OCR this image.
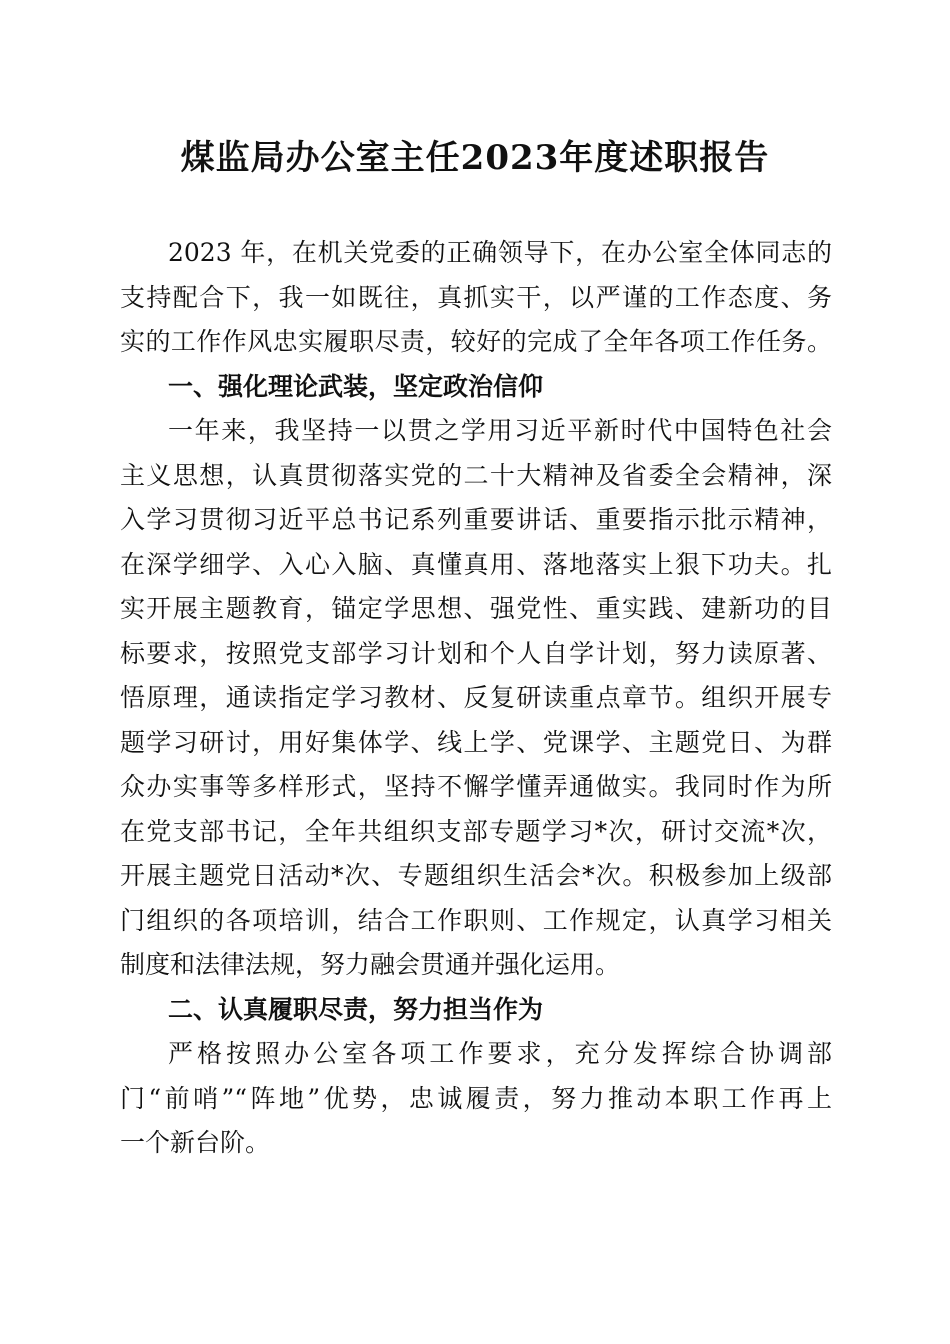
煤监局办公室主任2023年度述职报告
2023 年，在机关党委的正确领导下，在办公室全体同志的
支持配合下，我一如既往，真抓实干，以严谨的工作态度、务
实的工作作风忠实履职尽责，较好的完成了全年各项工作任务。
一、强化理论武装，坚定政治信仰
一年来，我坚持一以贯之学用习近平新时代中国特色社会
主义思想，认真贯彻落实党的二十大精神及省委全会精神，深
入学习贯彻习近平总书记系列重要讲话、重要指示批示精神，
在深学细学、入心入脑、真懂真用、落地落实上狠下功夫。扎
实开展主题教育，锚定学思想、强党性、重实践、建新功的目
标要求，按照党支部学习计划和个人自学计划，努力读原著、
悟原理，通读指定学习教材、反复研读重点章节。组织开展专
题学习研讨，用好集体学、线上学、党课学、主题党日、为群
众办实事等多样形式，坚持不懈学懂弄通做实。我同时作为所
在党支部书记，全年共组织支部专题学习*次，研讨交流*次，
开展主题党日活动*次、专题组织生活会*次。积极参加上级部
门组织的各项培训，结合工作职则、工作规定，认真学习相关
制度和法律法规，努力融会贯通并强化运用。
二、认真履职尽责，努力担当作为
严格按照办公室各项工作要求，充分发挥综合协调部
门“前哨”“阵地”优势，忠诚履责，努力推动本职工作再上
一个新台阶。
